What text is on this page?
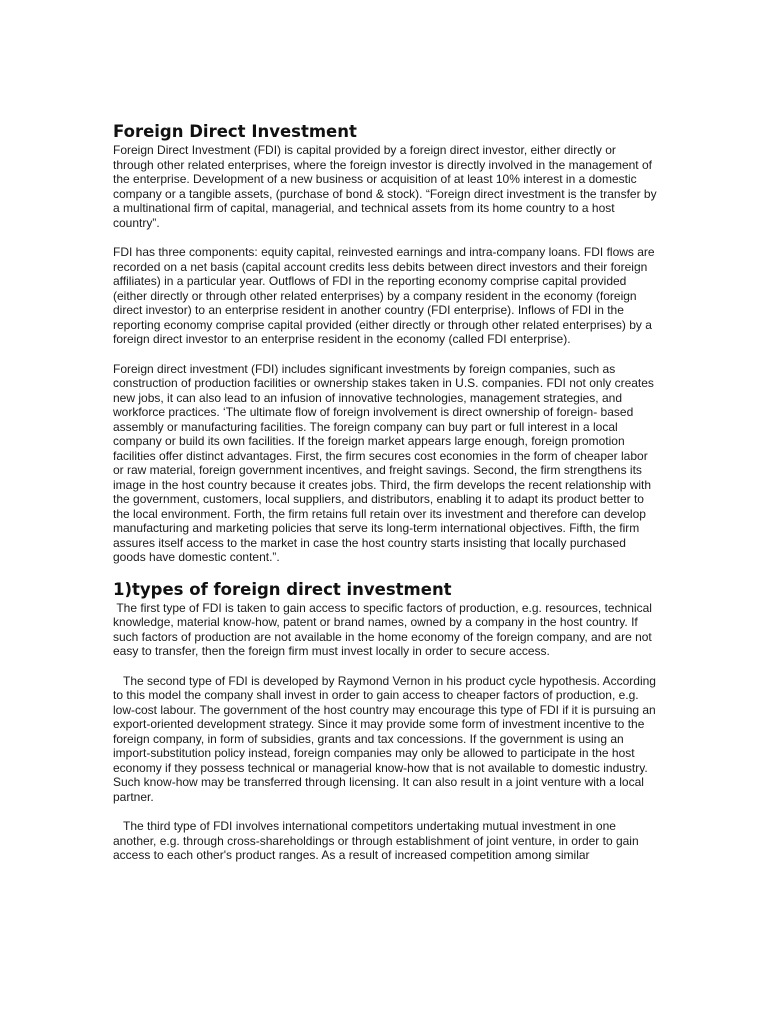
Foreign Direct Investment

Foreign Direct Investment (FDI) is capital provided by a foreign direct investor, either directly or through other related enterprises, where the foreign investor is directly involved in the management of the enterprise. Development of a new business or acquisition of at least 10% interest in a domestic company or a tangible assets, (purchase of bond & stock). “Foreign direct investment is the transfer by a multinational firm of capital, managerial, and technical assets from its home country to a host country”.

FDI has three components: equity capital, reinvested earnings and intra-company loans. FDI flows are recorded on a net basis (capital account credits less debits between direct investors and their foreign affiliates) in a particular year. Outflows of FDI in the reporting economy comprise capital provided (either directly or through other related enterprises) by a company resident in the economy (foreign direct investor) to an enterprise resident in another country (FDI enterprise). Inflows of FDI in the reporting economy comprise capital provided (either directly or through other related enterprises) by a foreign direct investor to an enterprise resident in the economy (called FDI enterprise).

Foreign direct investment (FDI) includes significant investments by foreign companies, such as construction of production facilities or ownership stakes taken in U.S. companies. FDI not only creates new jobs, it can also lead to an infusion of innovative technologies, management strategies, and workforce practices. ‘The ultimate flow of foreign involvement is direct ownership of foreign- based assembly or manufacturing facilities. The foreign company can buy part or full interest in a local company or build its own facilities. If the foreign market appears large enough, foreign promotion facilities offer distinct advantages. First, the firm secures cost economies in the form of cheaper labor or raw material, foreign government incentives, and freight savings. Second, the firm strengthens its image in the host country because it creates jobs. Third, the firm develops the recent relationship with the government, customers, local suppliers, and distributors, enabling it to adapt its product better to the local environment. Forth, the firm retains full retain over its investment and therefore can develop manufacturing and marketing policies that serve its long-term international objectives. Fifth, the firm assures itself access to the market in case the host country starts insisting that locally purchased goods have domestic content.”.

1)types of foreign direct investment

The first type of FDI is taken to gain access to specific factors of production, e.g. resources, technical knowledge, material know-how, patent or brand names, owned by a company in the host country. If such factors of production are not available in the home economy of the foreign company, and are not easy to transfer, then the foreign firm must invest locally in order to secure access.

The second type of FDI is developed by Raymond Vernon in his product cycle hypothesis. According to this model the company shall invest in order to gain access to cheaper factors of production, e.g. low-cost labour. The government of the host country may encourage this type of FDI if it is pursuing an export-oriented development strategy. Since it may provide some form of investment incentive to the foreign company, in form of subsidies, grants and tax concessions. If the government is using an import-substitution policy instead, foreign companies may only be allowed to participate in the host economy if they possess technical or managerial know-how that is not available to domestic industry. Such know-how may be transferred through licensing. It can also result in a joint venture with a local partner.

The third type of FDI involves international competitors undertaking mutual investment in one another, e.g. through cross-shareholdings or through establishment of joint venture, in order to gain access to each other's product ranges. As a result of increased competition among similar
